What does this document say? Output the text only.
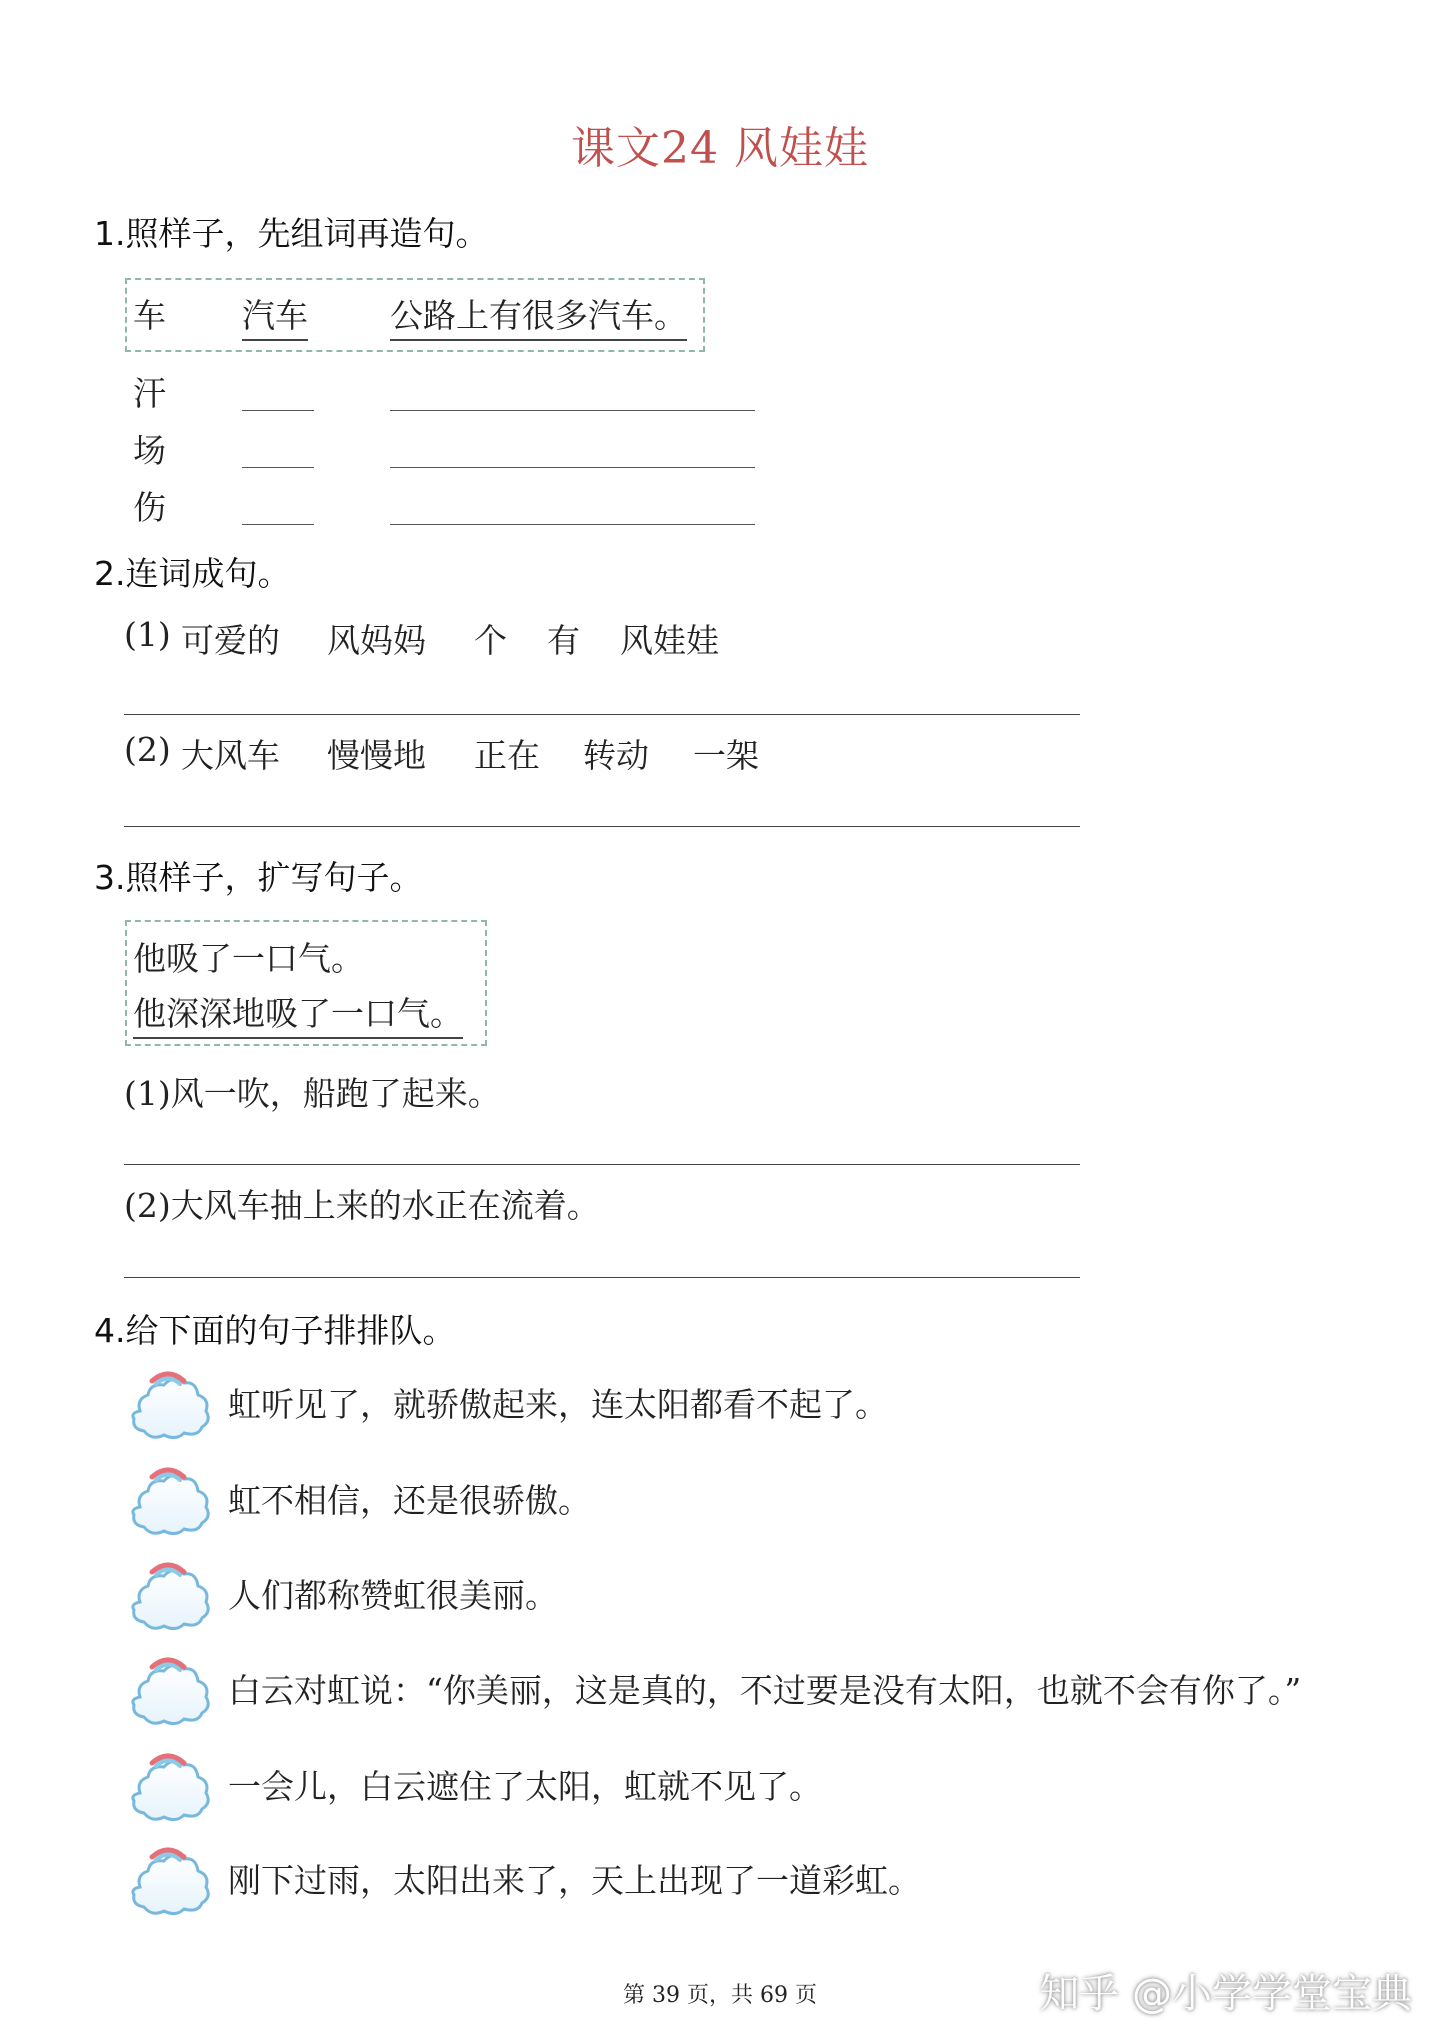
课文24 风娃娃
1.照样子，先组词再造句。
车 汽车 公路上有很多汽车。
汗
场
伤
2.连词成句。
(1) 可爱的 风妈妈 个 有 风娃娃
(2) 大风车 慢慢地 正在 转动 一架
3.照样子，扩写句子。
他吸了一口气。
他深深地吸了一口气。
(1)风一吹，船跑了起来。
(2)大风车抽上来的水正在流着。
4.给下面的句子排排队。
虹听见了，就骄傲起来，连太阳都看不起了。
虹不相信，还是很骄傲。
人们都称赞虹很美丽。
白云对虹说：“你美丽，这是真的，不过要是没有太阳，也就不会有你了。”
一会儿，白云遮住了太阳，虹就不见了。
刚下过雨，太阳出来了，天上出现了一道彩虹。
第 39 页，共 69 页	知乎 @小学学堂宝典
